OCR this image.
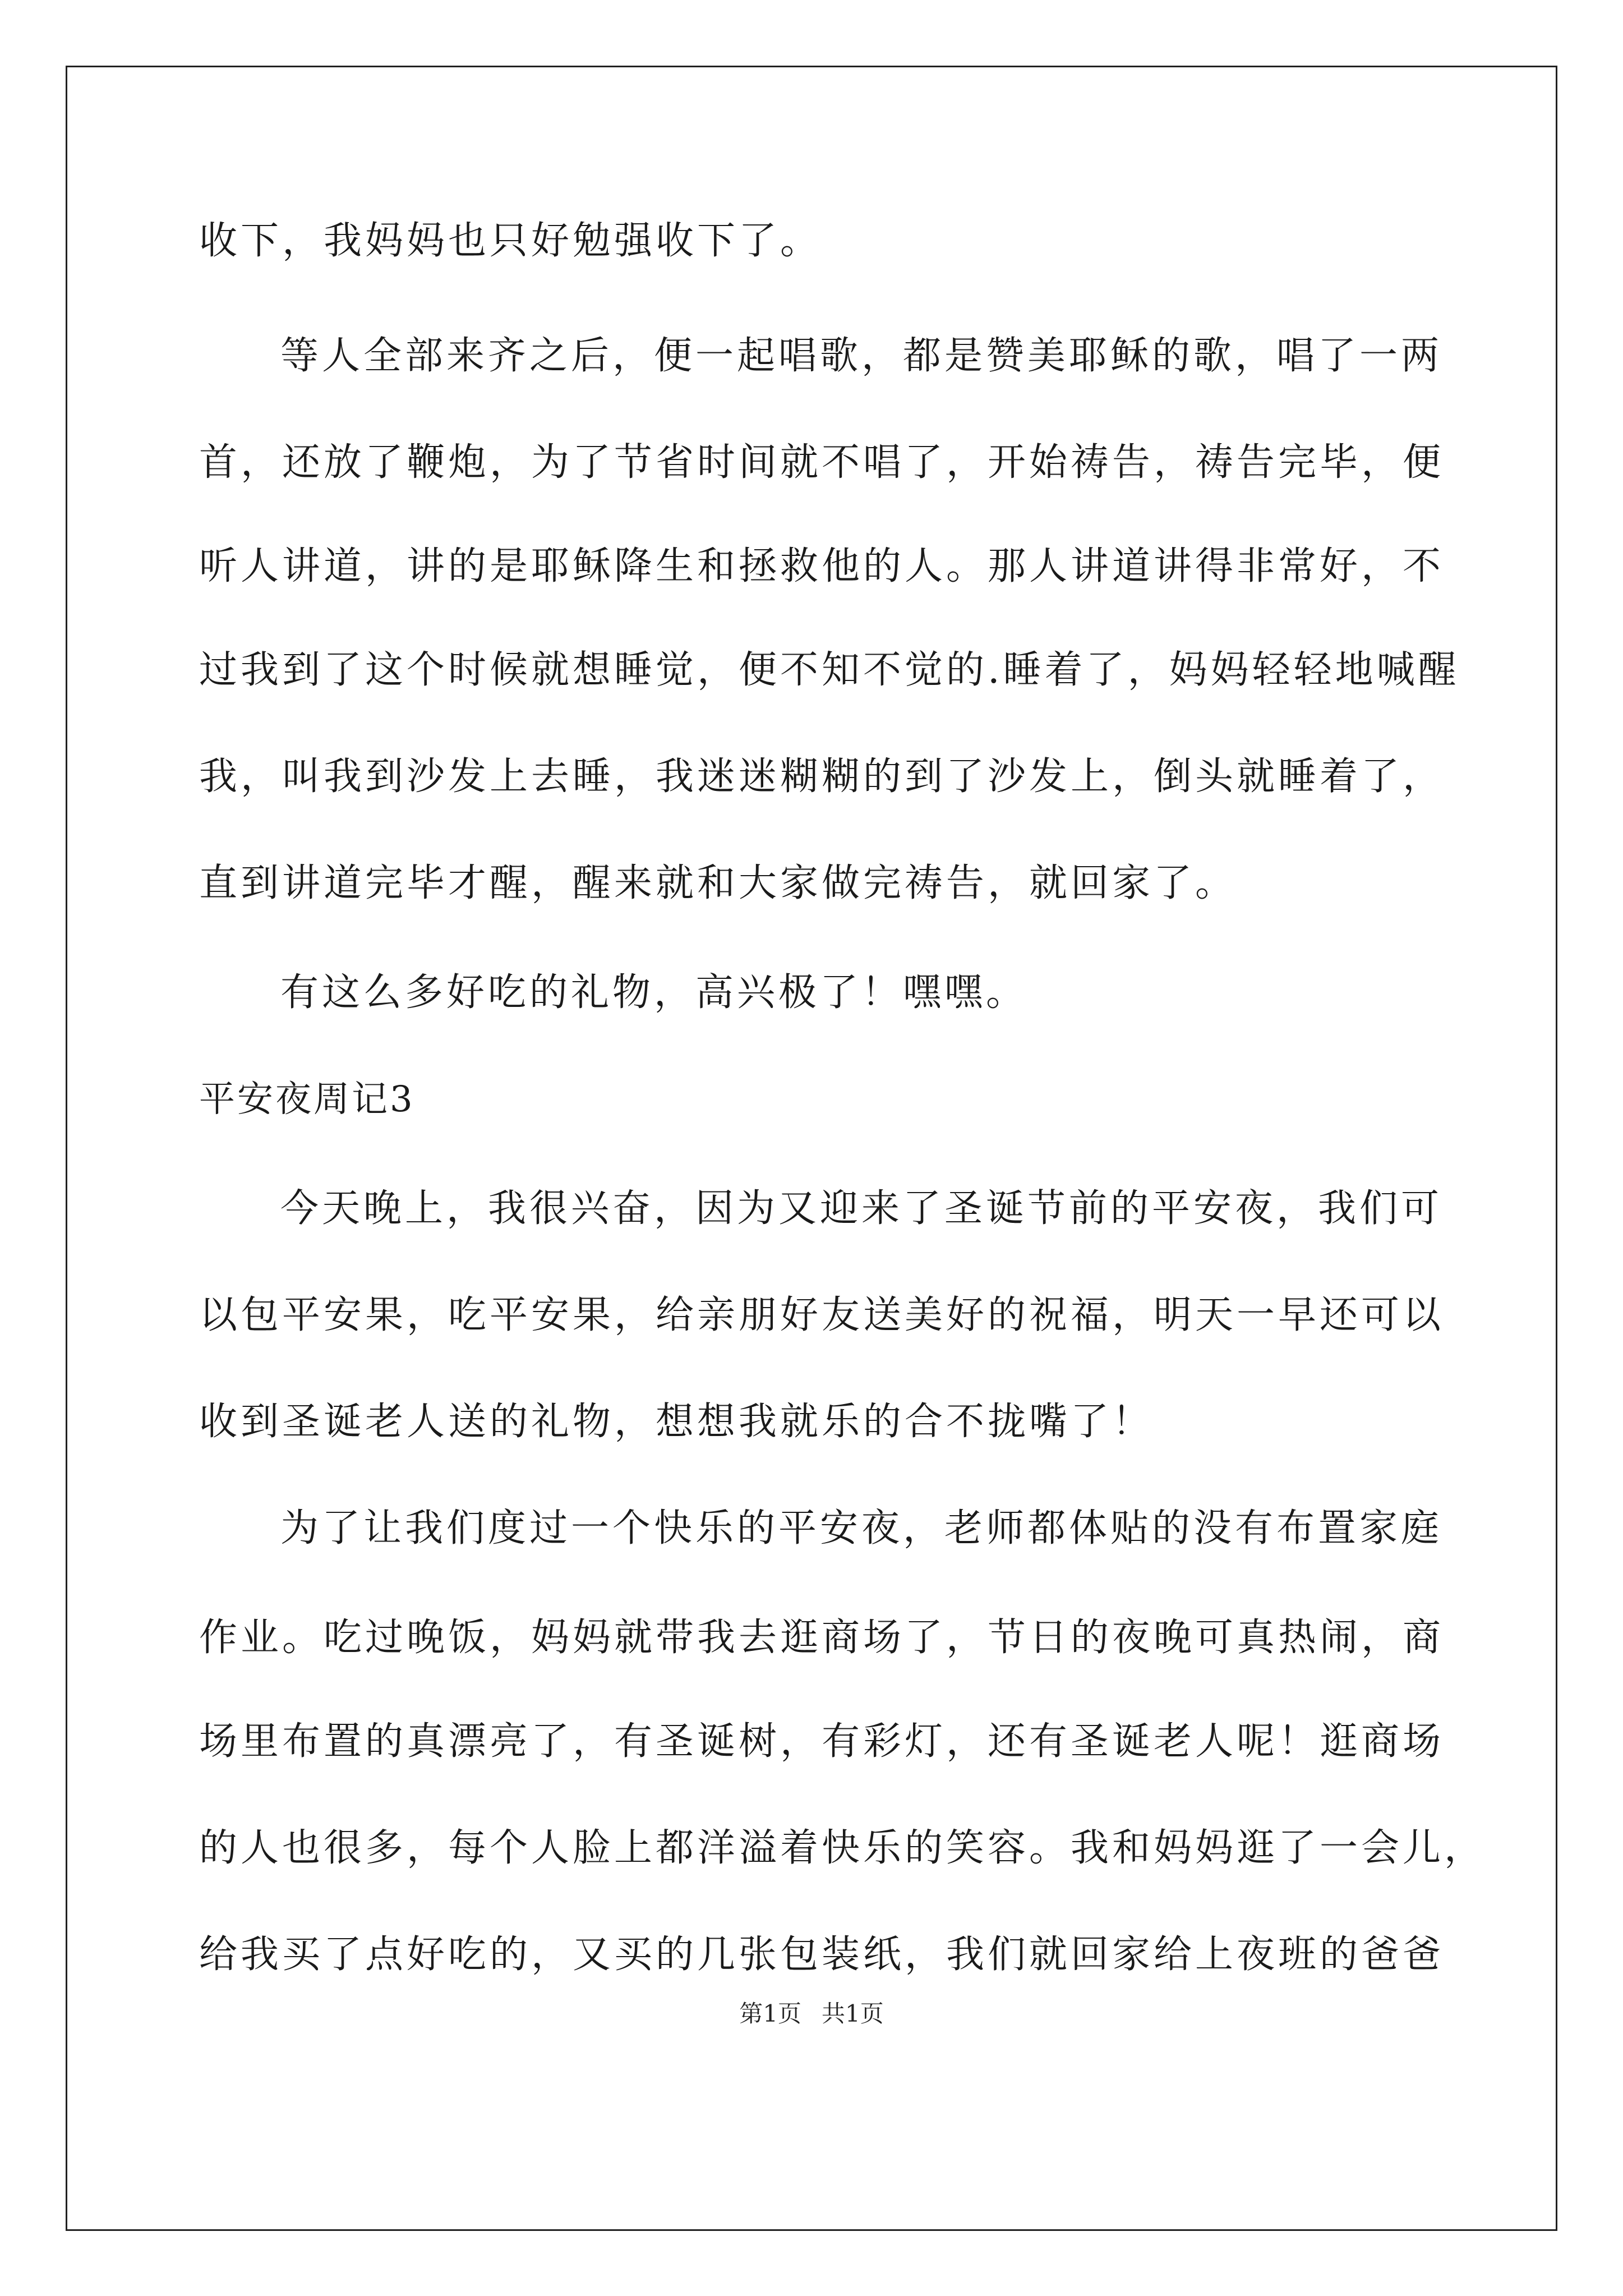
收下，我妈妈也只好勉强收下了。
等人全部来齐之后，便一起唱歌，都是赞美耶稣的歌，唱了一两
首，还放了鞭炮，为了节省时间就不唱了，开始祷告，祷告完毕，便
听人讲道，讲的是耶稣降生和拯救他的人。那人讲道讲得非常好，不
过我到了这个时候就想睡觉，便不知不觉的.睡着了，妈妈轻轻地喊醒
我，叫我到沙发上去睡，我迷迷糊糊的到了沙发上，倒头就睡着了，
直到讲道完毕才醒，醒来就和大家做完祷告，就回家了。
有这么多好吃的礼物，高兴极了！嘿嘿。
平安夜周记3
今天晚上，我很兴奋，因为又迎来了圣诞节前的平安夜，我们可
以包平安果，吃平安果，给亲朋好友送美好的祝福，明天一早还可以
收到圣诞老人送的礼物，想想我就乐的合不拢嘴了！
为了让我们度过一个快乐的平安夜，老师都体贴的没有布置家庭
作业。吃过晚饭，妈妈就带我去逛商场了，节日的夜晚可真热闹，商
场里布置的真漂亮了，有圣诞树，有彩灯，还有圣诞老人呢！逛商场
的人也很多，每个人脸上都洋溢着快乐的笑容。我和妈妈逛了一会儿，
给我买了点好吃的，又买的几张包装纸，我们就回家给上夜班的爸爸
第1页 共1页
